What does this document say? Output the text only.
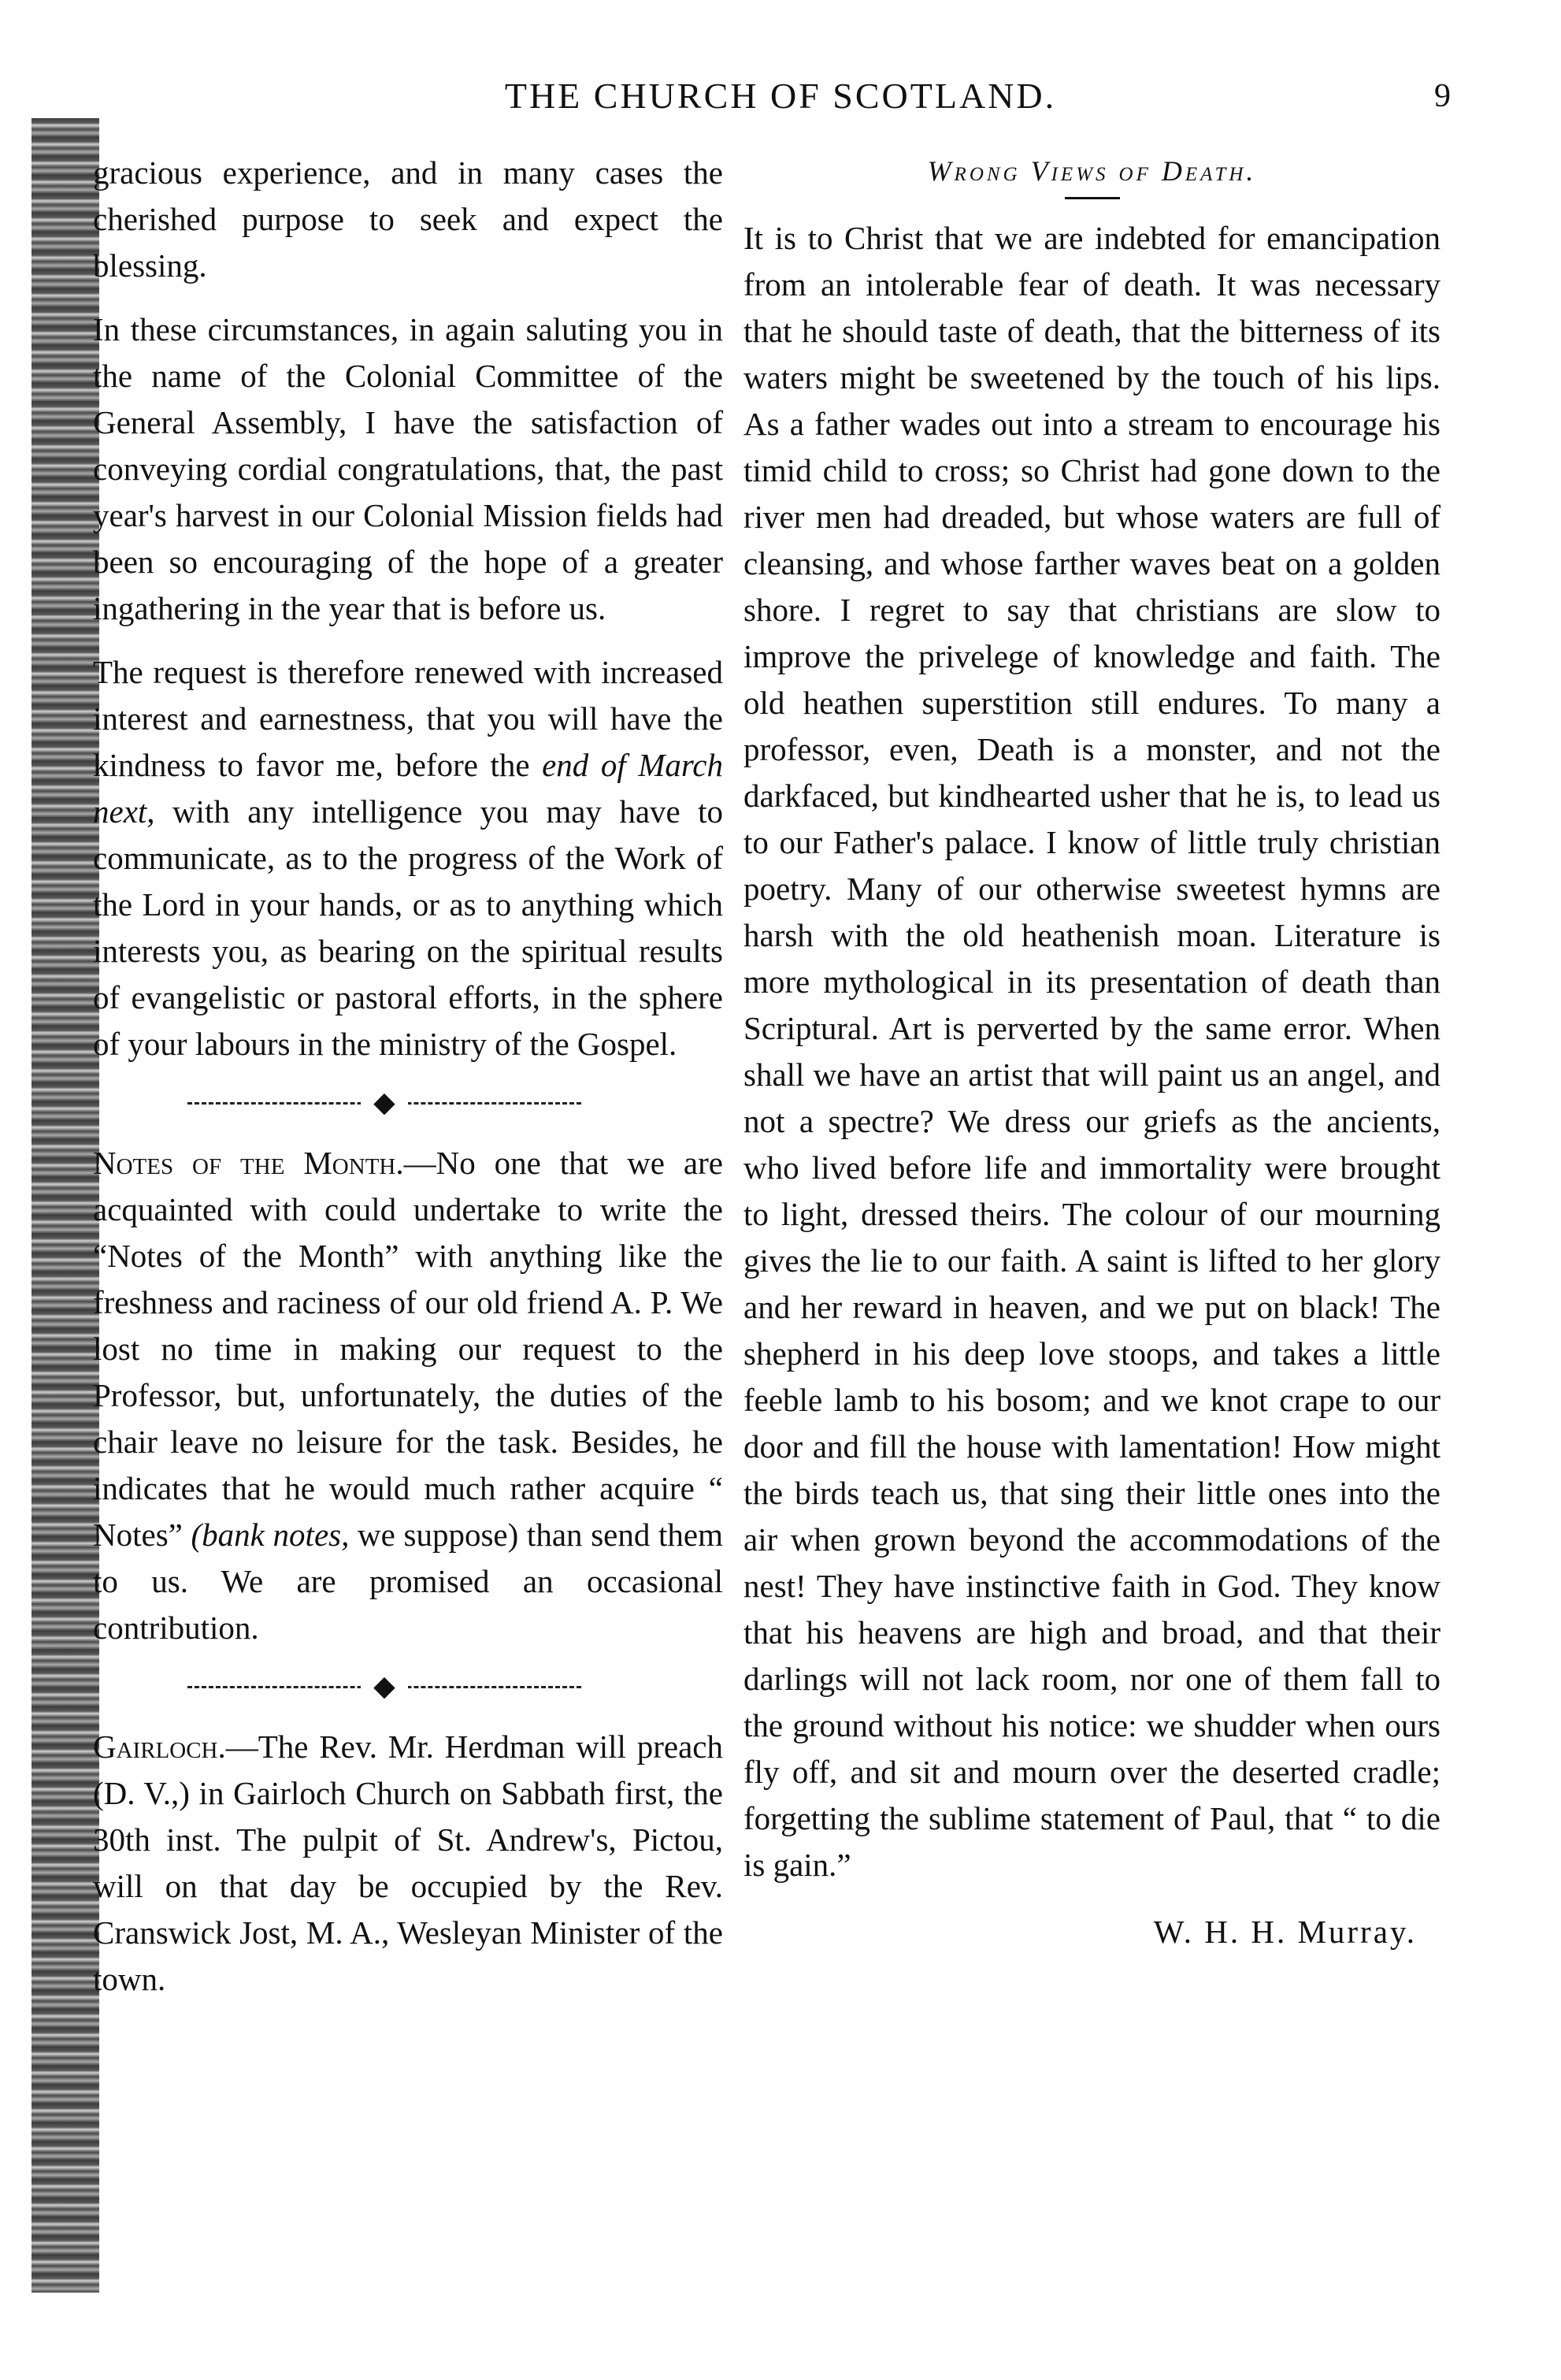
THE CHURCH OF SCOTLAND.	9

gracious experience, and in many cases the cherished purpose to seek and expect the blessing.

In these circumstances, in again saluting you in the name of the Colonial Committee of the General Assembly, I have the satisfaction of conveying cordial congratulations, that, the past year's harvest in our Colonial Mission fields had been so encouraging of the hope of a greater ingathering in the year that is before us.

The request is therefore renewed with increased interest and earnestness, that you will have the kindness to favor me, before the end of March next, with any intelligence you may have to communicate, as to the progress of the Work of the Lord in your hands, or as to anything which interests you, as bearing on the spiritual results of evangelistic or pastoral efforts, in the sphere of your labours in the ministry of the Gospel.

◆

Notes of the Month.—No one that we are acquainted with could undertake to write the “Notes of the Month” with anything like the freshness and raciness of our old friend A. P. We lost no time in making our request to the Professor, but, unfortunately, the duties of the chair leave no leisure for the task. Besides, he indicates that he would much rather acquire “ Notes” (bank notes, we suppose) than send them to us. We are promised an occasional contribution.

◆

Gairloch.—The Rev. Mr. Herdman will preach (D. V.,) in Gairloch Church on Sabbath first, the 30th inst. The pulpit of St. Andrew's, Pictou, will on that day be occupied by the Rev. Cranswick Jost, M. A., Wesleyan Minister of the town.

Wrong Views of Death.

It is to Christ that we are indebted for emancipation from an intolerable fear of death. It was necessary that he should taste of death, that the bitterness of its waters might be sweetened by the touch of his lips. As a father wades out into a stream to encourage his timid child to cross; so Christ had gone down to the river men had dreaded, but whose waters are full of cleansing, and whose farther waves beat on a golden shore. I regret to say that christians are slow to improve the privelege of knowledge and faith. The old heathen superstition still endures. To many a professor, even, Death is a monster, and not the darkfaced, but kindhearted usher that he is, to lead us to our Father's palace. I know of little truly christian poetry. Many of our otherwise sweetest hymns are harsh with the old heathenish moan. Literature is more mythological in its presentation of death than Scriptural. Art is perverted by the same error. When shall we have an artist that will paint us an angel, and not a spectre? We dress our griefs as the ancients, who lived before life and immortality were brought to light, dressed theirs. The colour of our mourning gives the lie to our faith. A saint is lifted to her glory and her reward in heaven, and we put on black! The shepherd in his deep love stoops, and takes a little feeble lamb to his bosom; and we knot crape to our door and fill the house with lamentation! How might the birds teach us, that sing their little ones into the air when grown beyond the accommodations of the nest! They have instinctive faith in God. They know that his heavens are high and broad, and that their darlings will not lack room, nor one of them fall to the ground without his notice: we shudder when ours fly off, and sit and mourn over the deserted cradle; forgetting the sublime statement of Paul, that “ to die is gain.”

W. H. H. Murray.
